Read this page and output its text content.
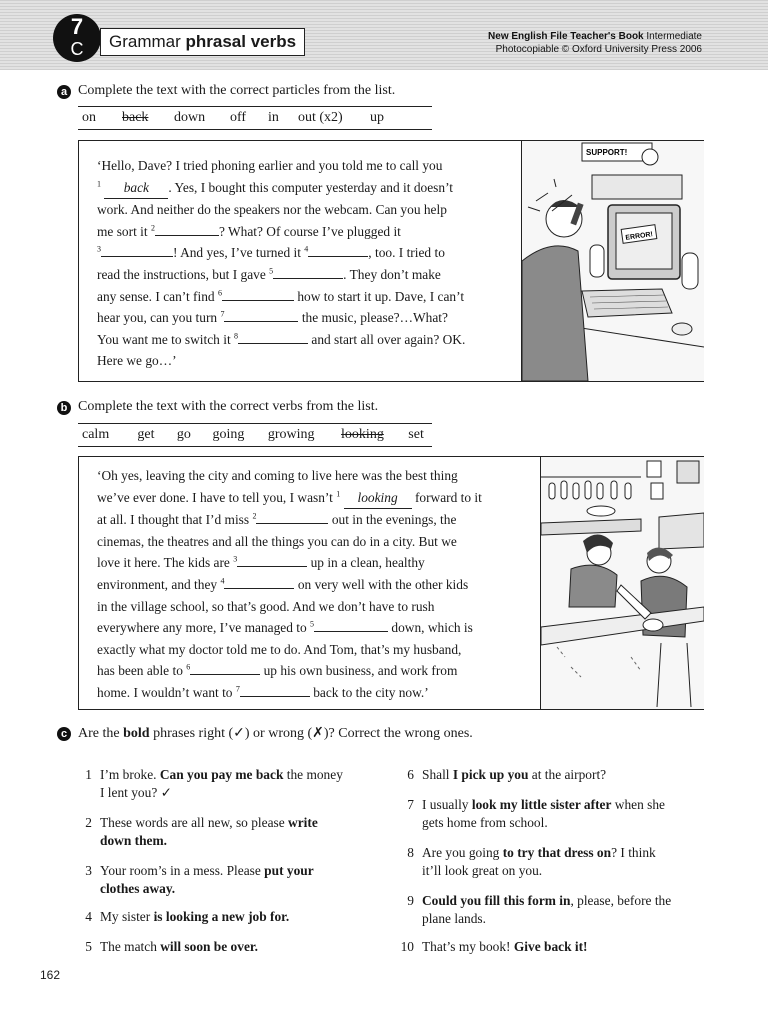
7
C	Grammar phrasal verbs	New English File Teacher's Book Intermediate
Photocopiable © Oxford University Press 2006
a Complete the text with the correct particles from the list.
on	back	down	off	in	out (x2)	up
‘Hello, Dave? I tried phoning earlier and you told me to call you
$^1$ back . Yes, I bought this computer yesterday and it doesn’t
work. And neither do the speakers nor the webcam. Can you help
me sort it $^2$	? What? Of course I’ve plugged it
$^3$	! And yes, I’ve turned it $^4$	, too. I tried to
read the instructions, but I gave $^5$	. They don’t make
any sense. I can’t find $^6$	how to start it up. Dave, I can’t
hear you, can you turn $^7$	the music, please?…What?
You want me to switch it $^8$	and start all over again? OK.
Here we go…’
SUPPORT!
ERROR!
b Complete the text with the correct verbs from the list.
calm	get	go	going	growing	looking	set
‘Oh yes, leaving the city and coming to live here was the best thing
we’ve ever done. I have to tell you, I wasn’t $^1$ looking forward to it
at all. I thought that I’d miss $^2$	out in the evenings, the
cinemas, the theatres and all the things you can do in a city. But we
love it here. The kids are $^3$	up in a clean, healthy
environment, and they $^4$	on very well with the other kids
in the village school, so that’s good. And we don’t have to rush
everywhere any more, I’ve managed to $^5$	down, which is
exactly what my doctor told me to do. And Tom, that’s my husband,
has been able to $^6$	up his own business, and work from
home. I wouldn’t want to $^7$	back to the city now.’
c Are the bold phrases right (✓) or wrong (✗)? Correct the wrong ones.
1 I’m broke. Can you pay me back the money
I lent you? ✓
2 These words are all new, so please write
down them.
3 Your room’s in a mess. Please put your
clothes away.
4 My sister is looking a new job for.
5 The match will soon be over.
6 Shall I pick up you at the airport?
7 I usually look my little sister after when she
gets home from school.
8 Are you going to try that dress on? I think
it’ll look great on you.
9 Could you fill this form in, please, before the
plane lands.
10 That’s my book! Give back it!
162
